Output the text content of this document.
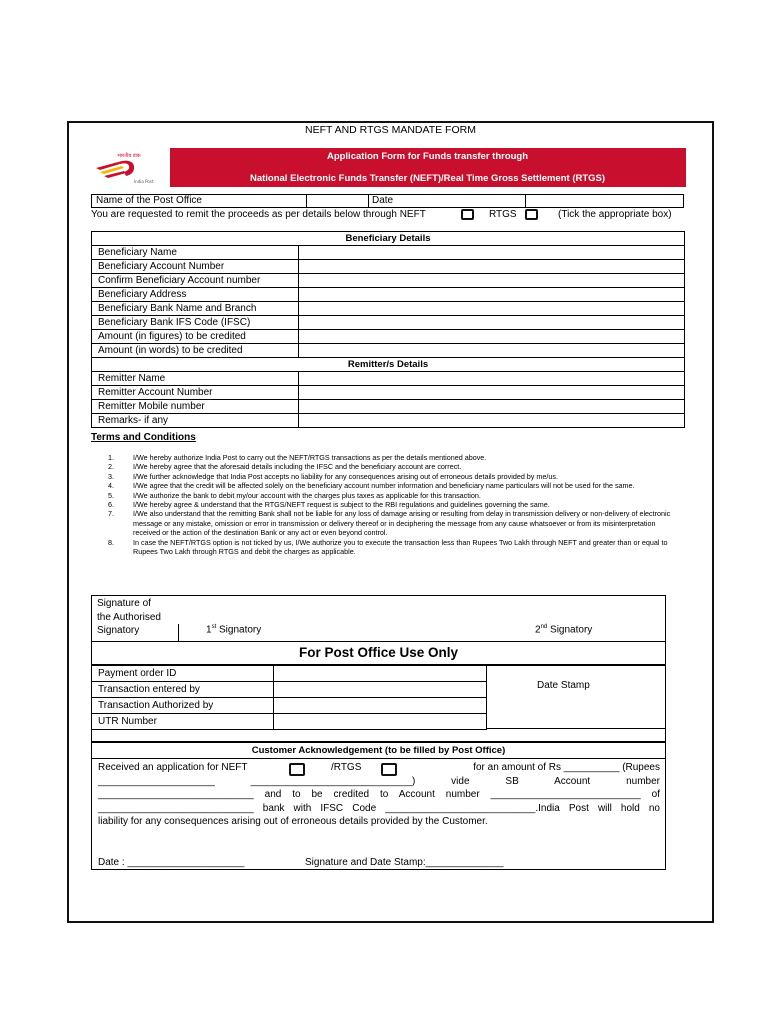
NEFT AND RTGS MANDATE FORM
भारतीय डाक
India Post
Application Form for Funds transfer through
National Electronic Funds Transfer (NEFT)/Real Time Gross Settlement (RTGS)
Name of the Post Office	Date
You are requested to remit the proceeds as per details below through NEFT	RTGS	(Tick the appropriate box)
Beneficiary Details	
Beneficiary Name	
Beneficiary Account Number	
Confirm Beneficiary Account number	
Beneficiary Address	
Beneficiary Bank Name and Branch	
Beneficiary Bank IFS Code (IFSC)	
Amount (in figures) to be credited	
Amount (in words) to be credited	
Remitter/s Details	
Remitter Name	
Remitter Account Number	
Remitter Mobile number	
Remarks- if any	
Terms and Conditions
1.	I/We hereby authorize India Post to carry out the NEFT/RTGS transactions as per the details mentioned above.
2.	I/We hereby agree that the aforesaid details including the IFSC and the beneficiary account are correct.
3.	I/We further acknowledge that India Post accepts no liability for any consequences arising out of erroneous details provided by me/us.
4.	I/We agree that the credit will be affected solely on the beneficiary account number information and beneficiary name particulars will not be used for the same.
5.	I/We authorize the bank to debit my/our account with the charges plus taxes as applicable for this transaction.
6.	I/We hereby agree & understand that the RTGS/NEFT request is subject to the RBI regulations and guidelines governing the same.
7.	I/We also understand that the remitting Bank shall not be liable for any loss of damage arising or resulting from delay in transmission delivery or non-delivery of electronic message or any mistake, omission or error in transmission or delivery thereof or in deciphering the message from any cause whatsoever or from its misinterpretation received or the action of the destination Bank or any act or even beyond control.
8.	In case the NEFT/RTGS option is not ticked by us, I/We authorize you to execute the transaction less than Rupees Two Lakh through NEFT and greater than or equal to Rupees Two Lakh through RTGS and debit the charges as applicable.
Signature of
the Authorised
Signatory	1st Signatory	2nd Signatory
For Post Office Use Only
Payment order ID	
Transaction entered by	
Transaction Authorized by	
UTR Number	
Date Stamp
Customer Acknowledgement (to be filled by Post Office)
Received an application for NEFT	/RTGS	for an amount of Rs __________ (Rupees
_____________________ _____________________________) vide SB Account number
____________________________ and to be credited to Account number ___________________________ of
____________________________ bank with IFSC Code ___________________________.India Post will hold no
liability for any consequences arising out of erroneous details provided by the Customer.
Date : _____________________	Signature and Date Stamp:______________
